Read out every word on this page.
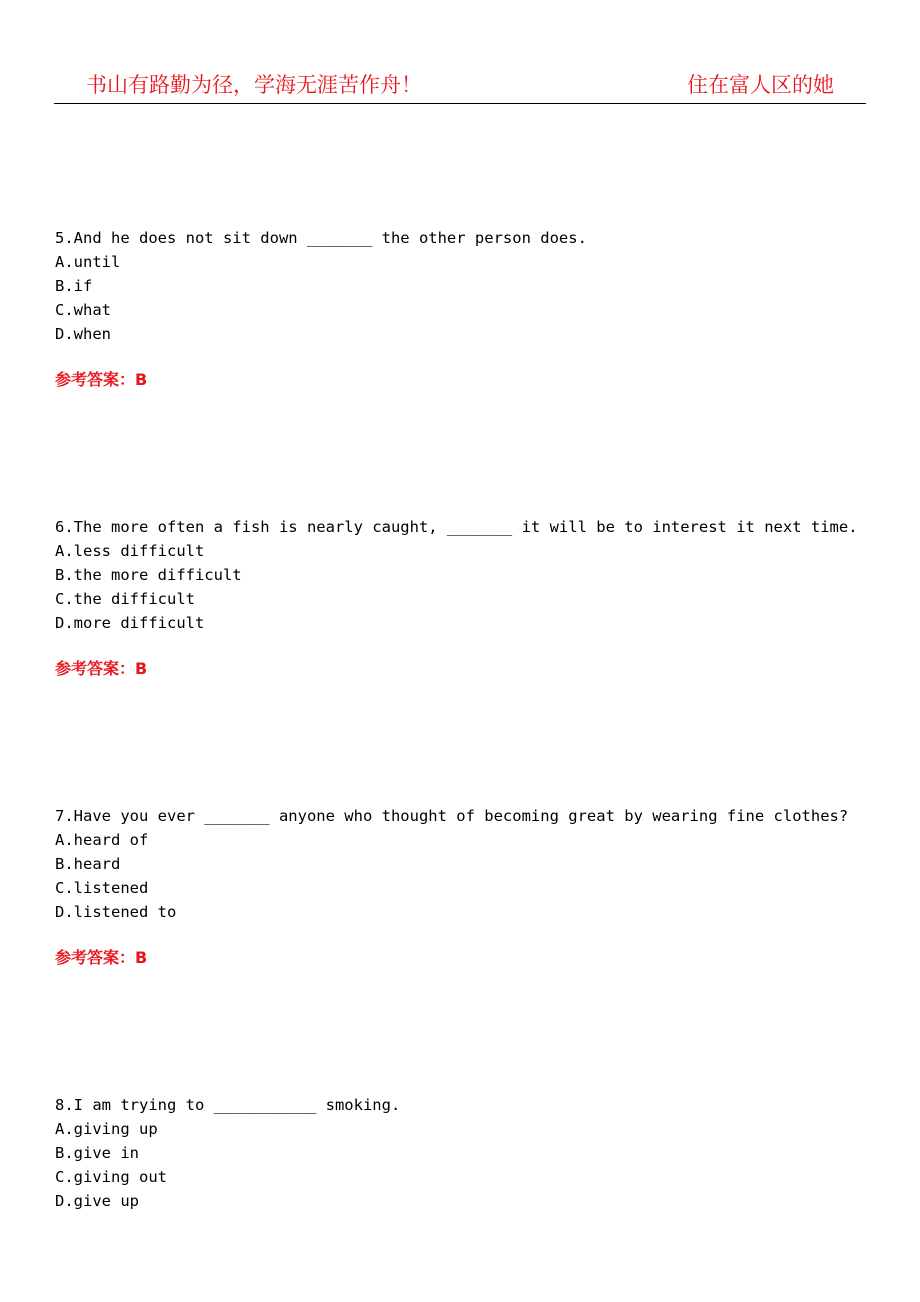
书山有路勤为径，学海无涯苦作舟！	住在富人区的她
5.And he does not sit down _______ the other person does.
A.until
B.if
C.what
D.when
参考答案：B
6.The more often a fish is nearly caught, _______ it will be to interest it next time.
A.less difficult
B.the more difficult
C.the difficult
D.more difficult
参考答案：B
7.Have you ever _______ anyone who thought of becoming great by wearing fine clothes?
A.heard of
B.heard
C.listened
D.listened to
参考答案：B
8.I am trying to ___________ smoking.
A.giving up
B.give in
C.giving out
D.give up
